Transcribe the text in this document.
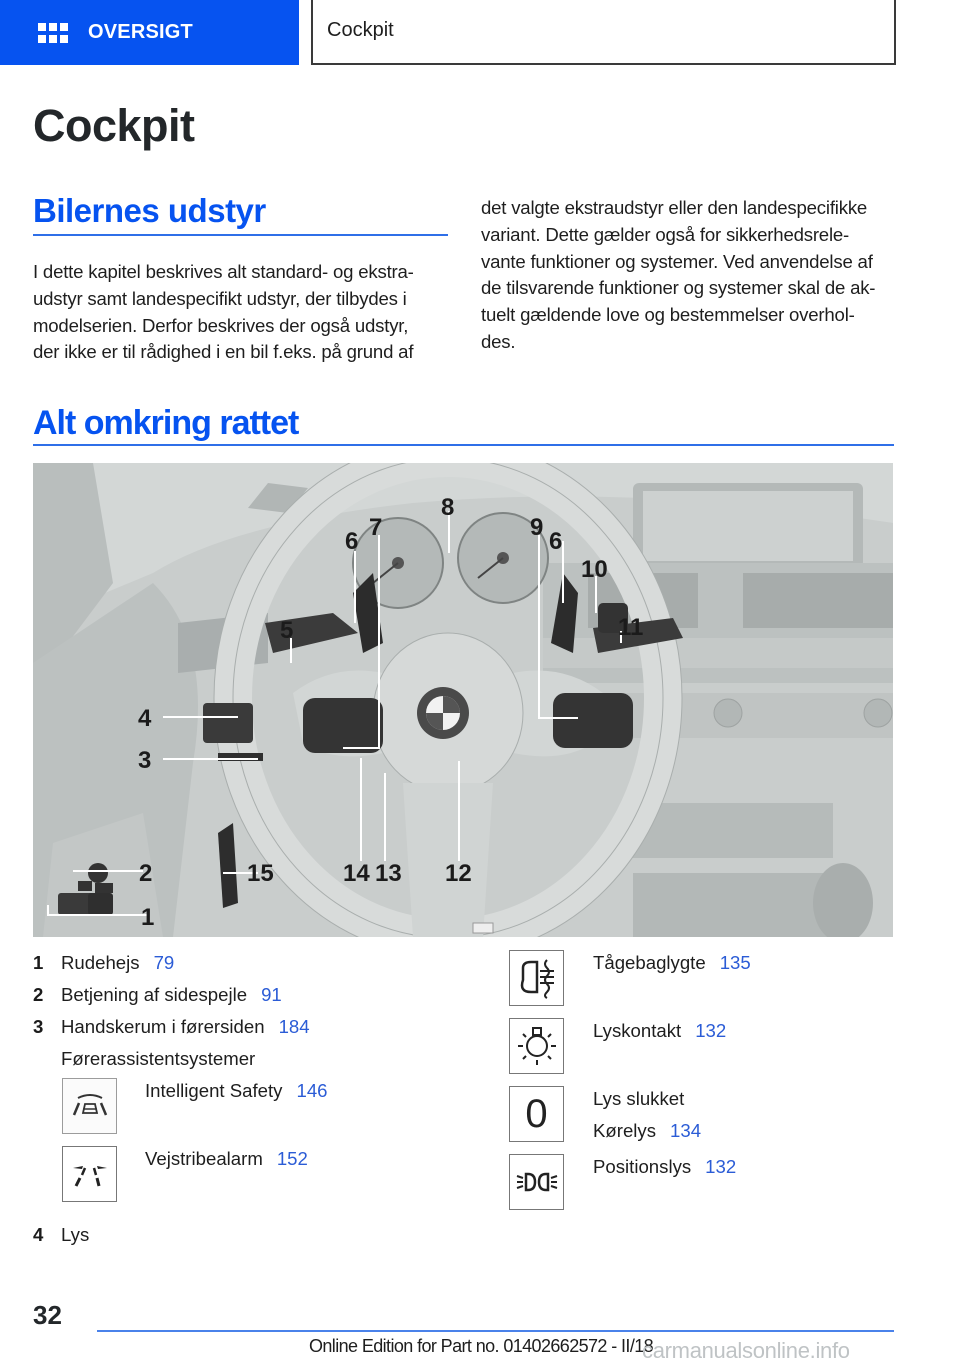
OVERSIGT	Cockpit
Cockpit
Bilernes udstyr
I dette kapitel beskrives alt standard- og ekstra-
udstyr samt landespecifikt udstyr, der tilbydes i
modelserien. Derfor beskrives der også udstyr,
der ikke er til rådighed i en bil f.eks. på grund af
det valgte ekstraudstyr eller den landespecifikke
variant. Dette gælder også for sikkerhedsrele-
vante funktioner og systemer. Ved anvendelse af
de tilsvarende funktioner og systemer skal de ak-
tuelt gældende love og bestemmelser overhol-
des.
Alt omkring rattet
1
2
3
4
5
6
7
8
9
6
10
11
12
13
14
15
1 Rudehejs 79
2 Betjening af sidespejle 91
3 Handskerum i førersiden 184
Førerassistentsystemer
Intelligent Safety 146
Vejstribealarm 152
4 Lys
Tågebaglygte 135
Lyskontakt 132
0 Lys slukket
Kørelys 134
Positionslys 132
32
Online Edition for Part no. 01402662572 - II/18
carmanualsonline.info
